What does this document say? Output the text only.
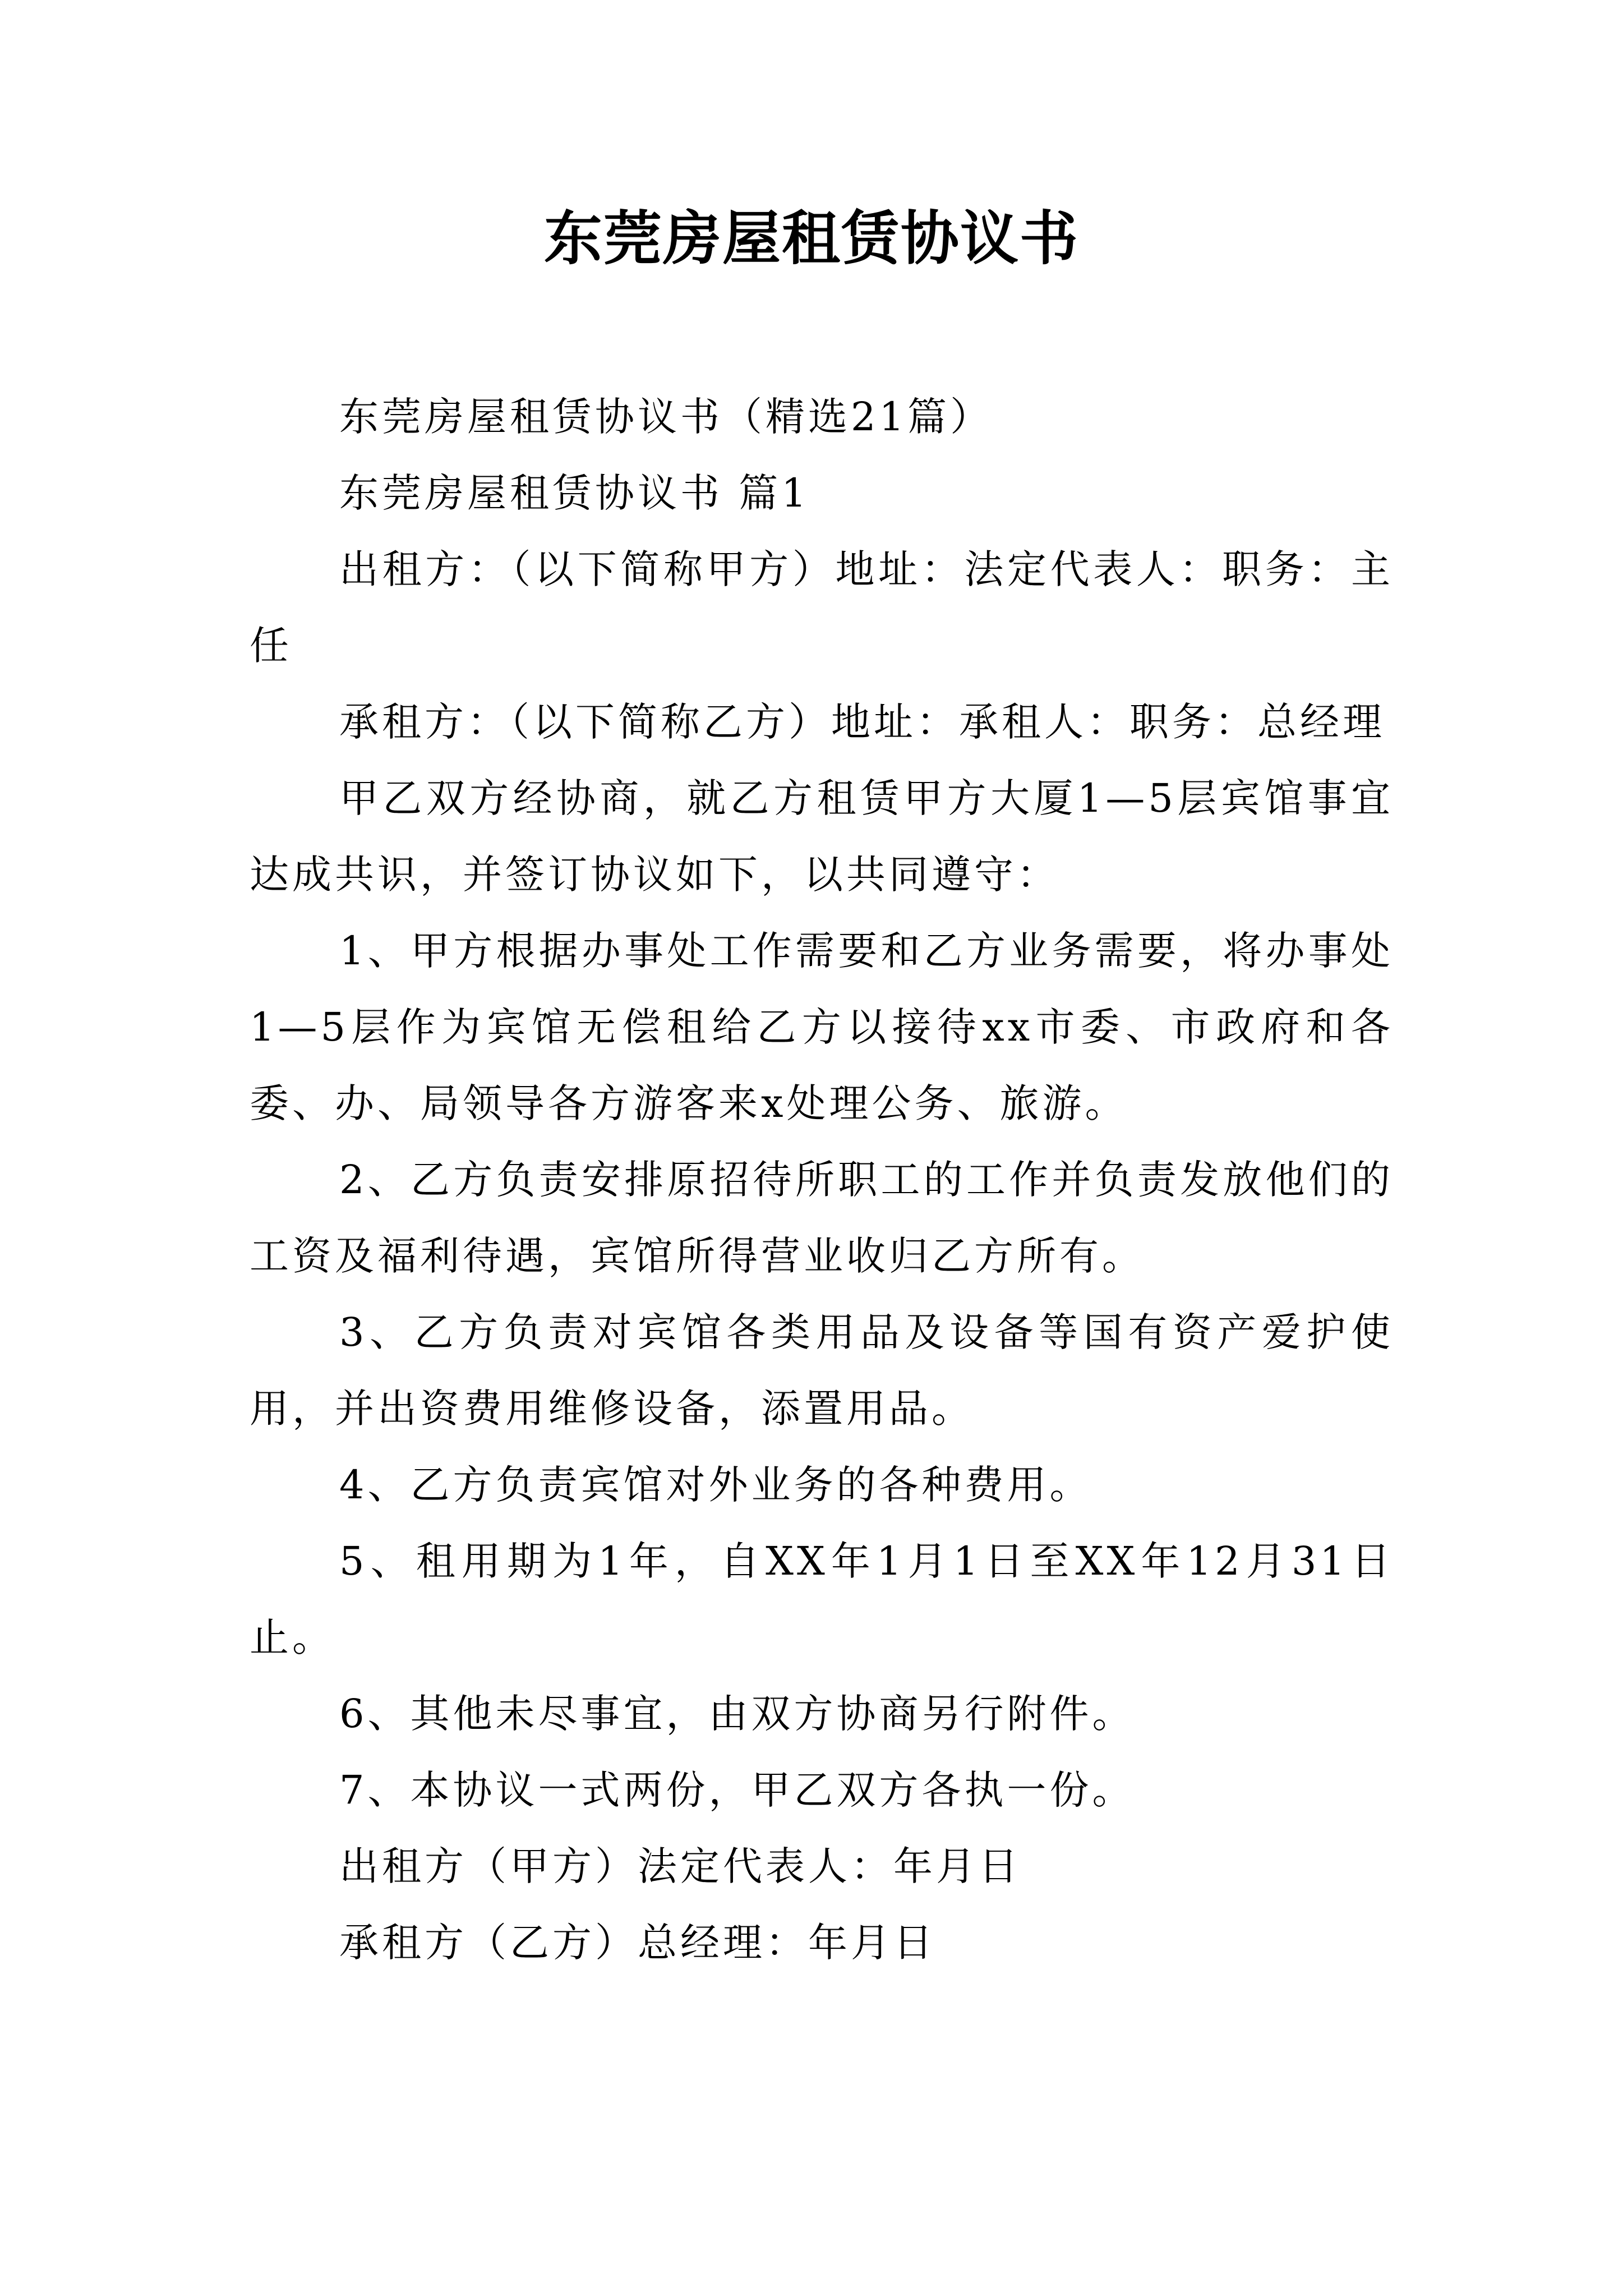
东莞房屋租赁协议书

东莞房屋租赁协议书（精选21篇）

东莞房屋租赁协议书 篇1

出租方：（以下简称甲方）地址：法定代表人：职务：主任

承租方：（以下简称乙方）地址：承租人：职务：总经理

甲乙双方经协商，就乙方租赁甲方大厦1—5层宾馆事宜达成共识，并签订协议如下，以共同遵守：

1、甲方根据办事处工作需要和乙方业务需要，将办事处1—5层作为宾馆无偿租给乙方以接待xx市委、市政府和各委、办、局领导各方游客来x处理公务、旅游。

2、乙方负责安排原招待所职工的工作并负责发放他们的工资及福利待遇，宾馆所得营业收归乙方所有。

3、乙方负责对宾馆各类用品及设备等国有资产爱护使用，并出资费用维修设备，添置用品。

4、乙方负责宾馆对外业务的各种费用。

5、租用期为1年，自XX年1月1日至XX年12月31日止。

6、其他未尽事宜，由双方协商另行附件。

7、本协议一式两份，甲乙双方各执一份。

出租方（甲方）法定代表人：年月日

承租方（乙方）总经理：年月日
